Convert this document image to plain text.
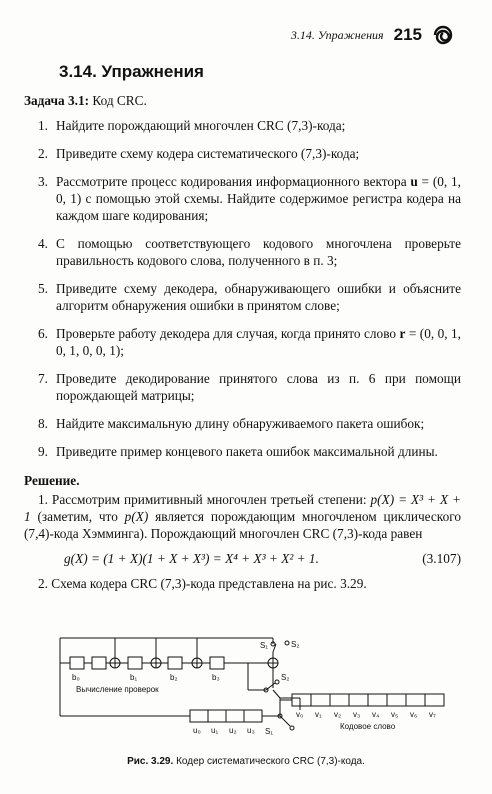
3.14. Упражнения 215
3.14. Упражнения
Задача 3.1: Код CRC.
1. Найдите порождающий многочлен CRC (7,3)-кода;
2. Приведите схему кодера систематического (7,3)-кода;
3. Рассмотрите процесс кодирования информационного вектора u = (0, 1, 0, 1) с помощью этой схемы. Найдите содержимое регистра кодера на каждом шаге кодирования;
4. С помощью соответствующего кодового многочлена проверьте правильность кодового слова, полученного в п. 3;
5. Приведите схему декодера, обнаруживающего ошибки и объясните алгоритм обнаружения ошибки в принятом слове;
6. Проверьте работу декодера для случая, когда принято слово r = (0, 0, 1, 0, 1, 0, 0, 1);
7. Проведите декодирование принятого слова из п. 6 при помощи порождающей матрицы;
8. Найдите максимальную длину обнаруживаемого пакета ошибок;
9. Приведите пример концевого пакета ошибок максимальной длины.
Решение.

1. Рассмотрим примитивный многочлен третьей степени: p(X) = X³ + X + 1 (заметим, что p(X) является порождающим многочленом циклического (7,4)-кода Хэмминга). Порождающий многочлен CRC (7,3)-кода равен

g(X) = (1 + X)(1 + X + X³) = X⁴ + X³ + X² + 1.	(3.107)

2. Схема кодера CRC (7,3)-кода представлена на рис. 3.29.

b₀	b₁	b₂	b₃
Вычисление проверок
S₁	S₂
S₂
S₁
u₀ u₁ u₂ u₃
v₀ v₁ v₂ v₃ v₄ v₅ v₆ v₇
Кодовое слово
Рис. 3.29. Кодер систематического CRC (7,3)-кода.
